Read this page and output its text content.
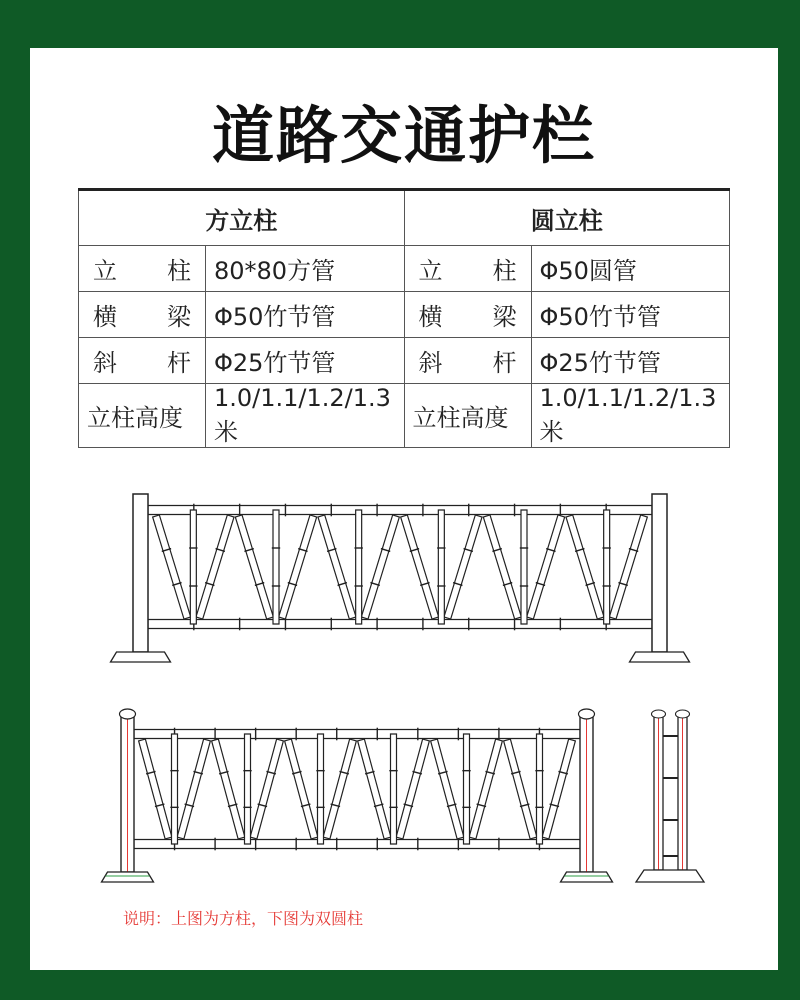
道路交通护栏
方立柱		圆立柱	

立 柱	80*80方管	立 柱	Φ50圆管

横 梁	Φ50竹节管	横 梁	Φ50竹节管

斜 杆	Φ25竹节管	斜 杆	Φ25竹节管
立柱高度	1.0/1.1/1.2/1.3米	立柱高度	1.0/1.1/1.2/1.3米
说明：上图为方柱，下图为双圆柱
